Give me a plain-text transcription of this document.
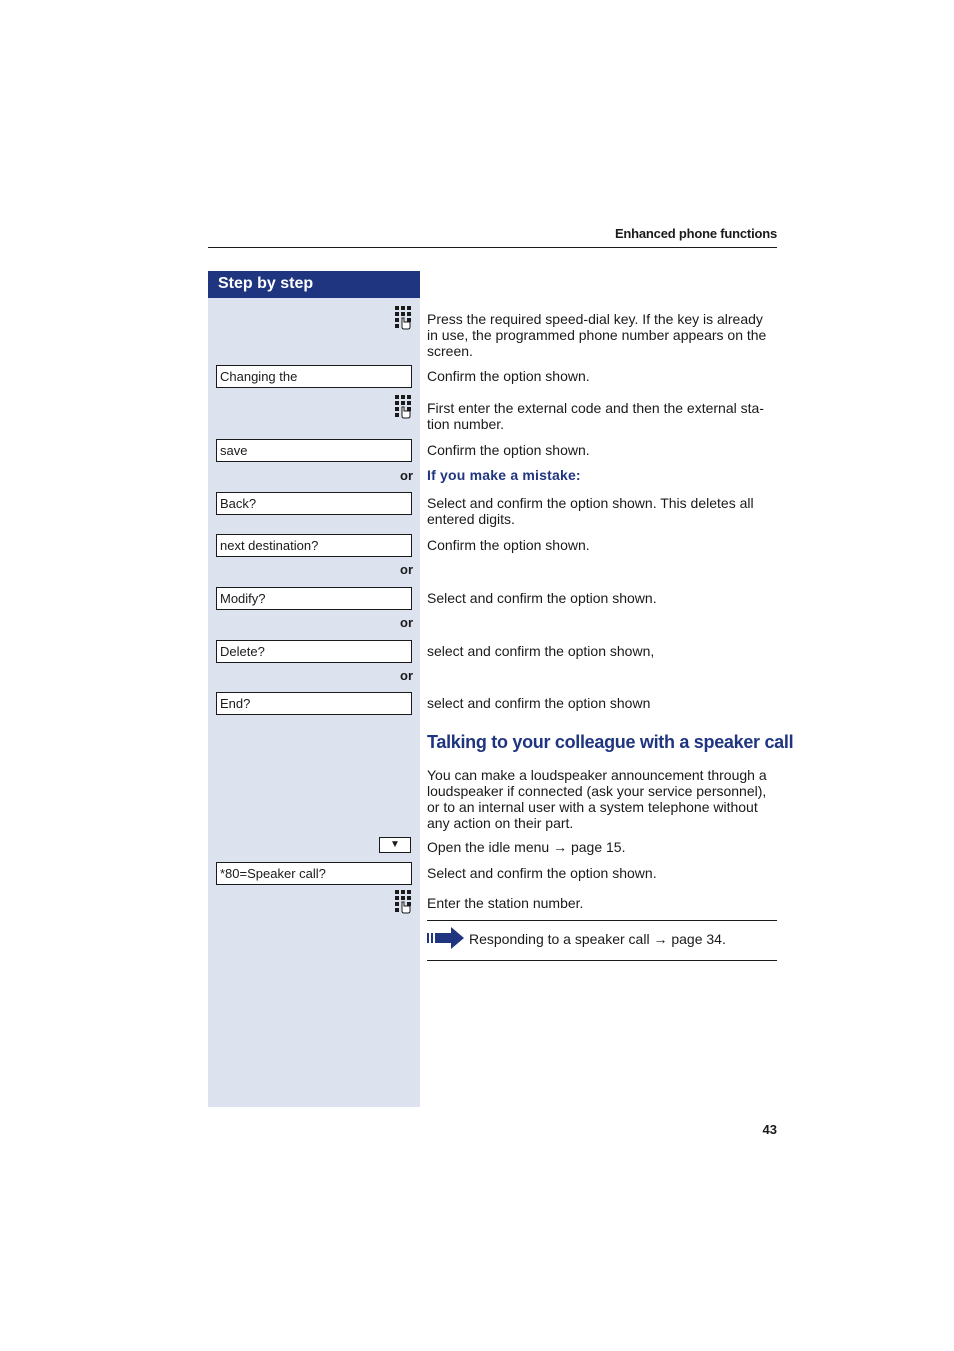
Enhanced phone functions
Step by step
Changing the
save
Back?
next destination?
Modify?
Delete?
End?
*80=Speaker call?
or
or
or
or
Press the required speed-dial key. If the key is already in use, the programmed phone number appears on the screen.
Confirm the option shown.
First enter the external code and then the external sta-tion number.
Confirm the option shown.
If you make a mistake:
Select and confirm the option shown. This deletes all entered digits.
Confirm the option shown.
Select and confirm the option shown.
select and confirm the option shown,
select and confirm the option shown
Talking to your colleague with a speaker call
You can make a loudspeaker announcement through a loudspeaker if connected (ask your service personnel), or to an internal user with a system telephone without any action on their part.
▼	Open the idle menu → page 15.
Select and confirm the option shown.
Enter the station number.
Responding to a speaker call → page 34.
43
